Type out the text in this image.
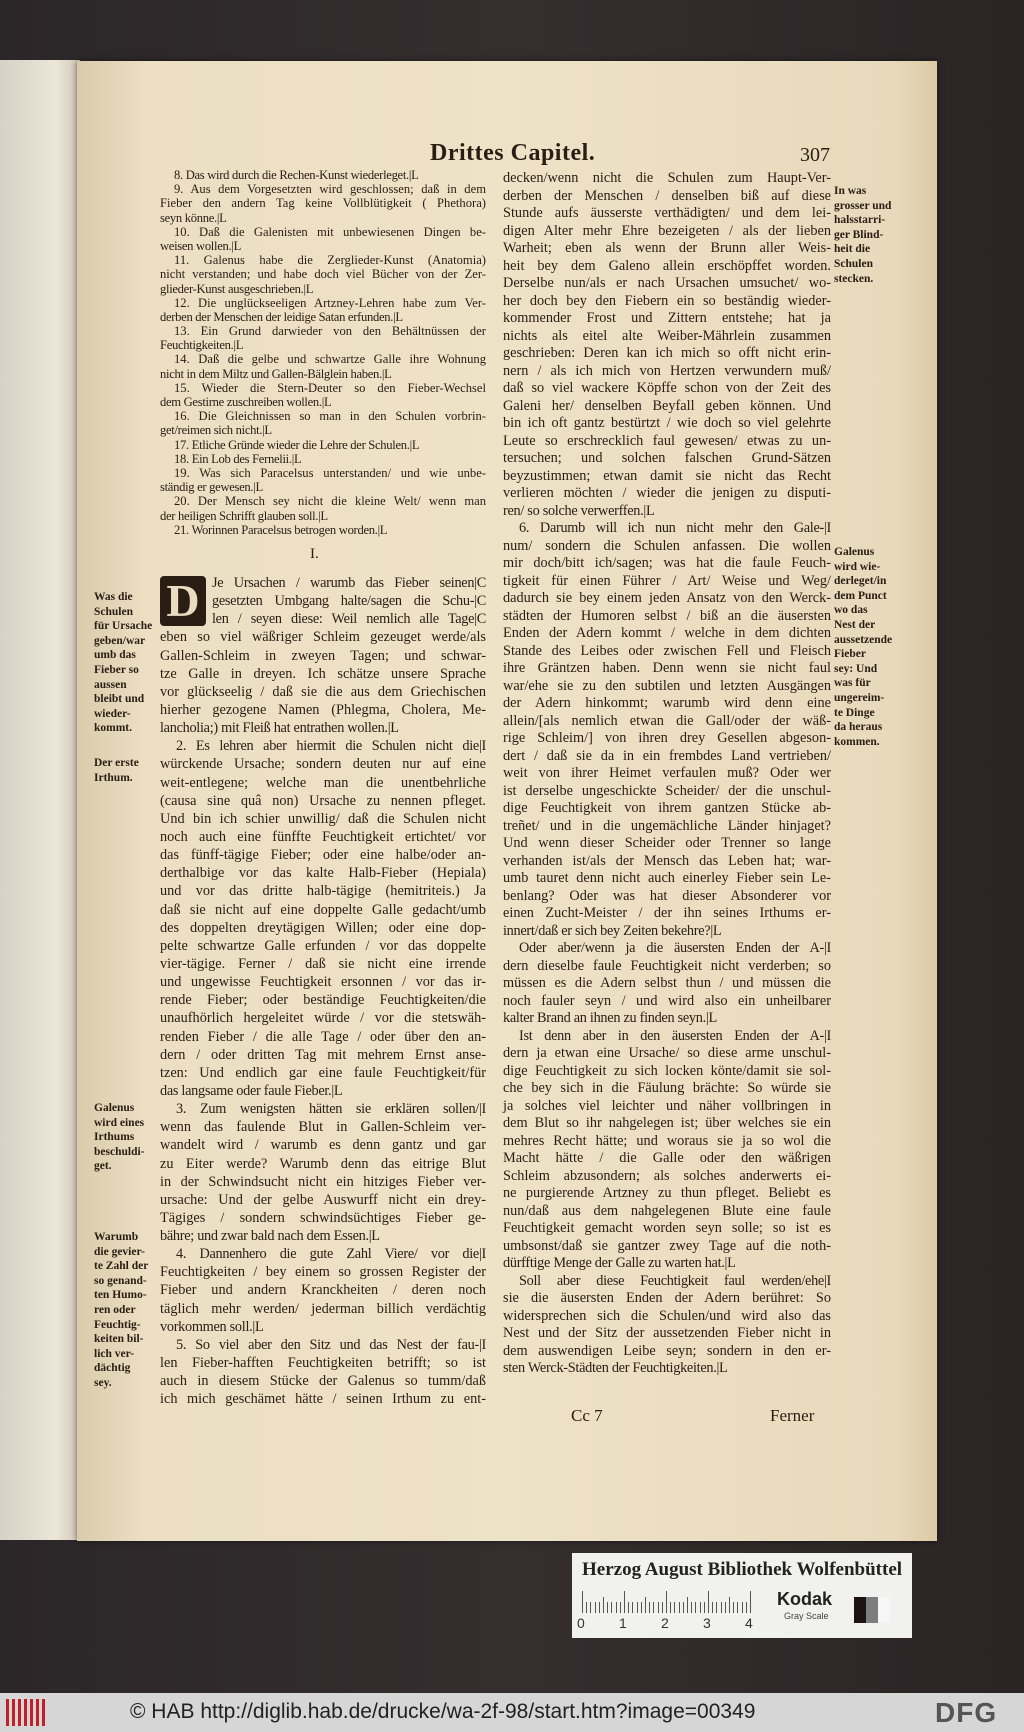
Drittes Capitel.	307
8. Das wird durch die Rechen-Kunst wiederleget.|L
9. Aus dem Vorgesetzten wird geschlossen; daß in dem
Fieber den andern Tag keine Vollblütigkeit ( Phethora)
seyn könne.|L
10. Daß die Galenisten mit unbewiesenen Dingen be-
weisen wollen.|L
11. Galenus habe die Zerglieder-Kunst (Anatomia)
nicht verstanden; und habe doch viel Bücher von der Zer-
glieder-Kunst ausgeschrieben.|L
12. Die unglückseeligen Artzney-Lehren habe zum Ver-
derben der Menschen der leidige Satan erfunden.|L
13. Ein Grund darwieder von den Behältnüssen der
Feuchtigkeiten.|L
14. Daß die gelbe und schwartze Galle ihre Wohnung
nicht in dem Miltz und Gallen-Bälglein haben.|L
15. Wieder die Stern-Deuter so den Fieber-Wechsel
dem Gestirne zuschreiben wollen.|L
16. Die Gleichnissen so man in den Schulen vorbrin-
get/reimen sich nicht.|L
17. Etliche Gründe wieder die Lehre der Schulen.|L
18. Ein Lob des Fernelii.|L
19. Was sich Paracelsus unterstanden/ und wie unbe-
ständig er gewesen.|L
20. Der Mensch sey nicht die kleine Welt/ wenn man
der heiligen Schrifft glauben soll.|L
21. Worinnen Paracelsus betrogen worden.|L
I.
D Je Ursachen / warumb das Fieber seinen|C
gesetzten Umbgang halte/sagen die Schu-|C
len / seyen diese: Weil nemlich alle Tage|C
eben so viel wäßriger Schleim gezeuget werde/als
Gallen-Schleim in zweyen Tagen; und schwar-
tze Galle in dreyen. Ich schätze unsere Sprache
vor glückseelig / daß sie die aus dem Griechischen
hierher gezogene Namen (Phlegma, Cholera, Me-
lancholia;) mit Fleiß hat entrathen wollen.|L
2. Es lehren aber hiermit die Schulen nicht die|I
würckende Ursache; sondern deuten nur auf eine
weit-entlegene; welche man die unentbehrliche
(causa sine quâ non) Ursache zu nennen pfleget.
Und bin ich schier unwillig/ daß die Schulen nicht
noch auch eine fünffte Feuchtigkeit ertichtet/ vor
das fünff-tägige Fieber; oder eine halbe/oder an-
derthalbige vor das kalte Halb-Fieber (Hepiala)
und vor das dritte halb-tägige (hemitriteis.) Ja
daß sie nicht auf eine doppelte Galle gedacht/umb
des doppelten dreytägigen Willen; oder eine dop-
pelte schwartze Galle erfunden / vor das doppelte
vier-tägige. Ferner / daß sie nicht eine irrende
und ungewisse Feuchtigkeit ersonnen / vor das ir-
rende Fieber; oder beständige Feuchtigkeiten/die
unaufhörlich hergeleitet würde / vor die stetswäh-
renden Fieber / die alle Tage / oder über den an-
dern / oder dritten Tag mit mehrem Ernst anse-
tzen: Und endlich gar eine faule Feuchtigkeit/für
das langsame oder faule Fieber.|L
3. Zum wenigsten hätten sie erklären sollen/|I
wenn das faulende Blut in Gallen-Schleim ver-
wandelt wird / warumb es denn gantz und gar
zu Eiter werde? Warumb denn das eitrige Blut
in der Schwindsucht nicht ein hitziges Fieber ver-
ursache: Und der gelbe Auswurff nicht ein drey-
Tägiges / sondern schwindsüchtiges Fieber ge-
bähre; und zwar bald nach dem Essen.|L
4. Dannenhero die gute Zahl Viere/ vor die|I
Feuchtigkeiten / bey einem so grossen Register der
Fieber und andern Kranckheiten / deren noch
täglich mehr werden/ jederman billich verdächtig
vorkommen soll.|L
5. So viel aber den Sitz und das Nest der fau-|I
len Fieber-hafften Feuchtigkeiten betrifft; so ist
auch in diesem Stücke der Galenus so tumm/daß
ich mich geschämet hätte / seinen Irthum zu ent-
decken/wenn nicht die Schulen zum Haupt-Ver-
derben der Menschen / denselben biß auf diese
Stunde aufs äusserste verthädigten/ und dem lei-
digen Alter mehr Ehre bezeigeten / als der lieben
Warheit; eben als wenn der Brunn aller Weis-
heit bey dem Galeno allein erschöpffet worden.
Derselbe nun/als er nach Ursachen umsuchet/ wo-
her doch bey den Fiebern ein so beständig wieder-
kommender Frost und Zittern entstehe; hat ja
nichts als eitel alte Weiber-Mährlein zusammen
geschrieben: Deren kan ich mich so offt nicht erin-
nern / als ich mich von Hertzen verwundern muß/
daß so viel wackere Köpffe schon von der Zeit des
Galeni her/ denselben Beyfall geben können. Und
bin ich oft gantz bestürtzt / wie doch so viel gelehrte
Leute so erschrecklich faul gewesen/ etwas zu un-
tersuchen; und solchen falschen Grund-Sätzen
beyzustimmen; etwan damit sie nicht das Recht
verlieren möchten / wieder die jenigen zu disputi-
ren/ so solche verwerffen.|L
6. Darumb will ich nun nicht mehr den Gale-|I
num/ sondern die Schulen anfassen. Die wollen
mir doch/bitt ich/sagen; was hat die faule Feuch-
tigkeit für einen Führer / Art/ Weise und Weg/
dadurch sie bey einem jeden Ansatz von den Werck-
städten der Humoren selbst / biß an die äusersten
Enden der Adern kommt / welche in dem dichten
Stande des Leibes oder zwischen Fell und Fleisch
ihre Gräntzen haben. Denn wenn sie nicht faul
war/ehe sie zu den subtilen und letzten Ausgängen
der Adern hinkommt; warumb wird denn eine
allein/[als nemlich etwan die Gall/oder der wäß-
rige Schleim/] von ihren drey Gesellen abgeson-
dert / daß sie da in ein frembdes Land vertrieben/
weit von ihrer Heimet verfaulen muß? Oder wer
ist derselbe ungeschickte Scheider/ der die unschul-
dige Feuchtigkeit von ihrem gantzen Stücke ab-
treñet/ und in die ungemächliche Länder hinjaget?
Und wenn dieser Scheider oder Trenner so lange
verhanden ist/als der Mensch das Leben hat; war-
umb tauret denn nicht auch einerley Fieber sein Le-
benlang? Oder was hat dieser Absonderer vor
einen Zucht-Meister / der ihn seines Irthums er-
innert/daß er sich bey Zeiten bekehre?|L
Oder aber/wenn ja die äusersten Enden der A-|I
dern dieselbe faule Feuchtigkeit nicht verderben; so
müssen es die Adern selbst thun / und müssen die
noch fauler seyn / und wird also ein unheilbarer
kalter Brand an ihnen zu finden seyn.|L
Ist denn aber in den äusersten Enden der A-|I
dern ja etwan eine Ursache/ so diese arme unschul-
dige Feuchtigkeit zu sich locken könte/damit sie sol-
che bey sich in die Fäulung brächte: So würde sie
ja solches viel leichter und näher vollbringen in
dem Blut so ihr nahgelegen ist; über welches sie ein
mehres Recht hätte; und woraus sie ja so wol die
Macht hätte / die Galle oder den wäßrigen
Schleim abzusondern; als solches anderwerts ei-
ne purgierende Artzney zu thun pfleget. Beliebt es
nun/daß aus dem nahgelegenen Blute eine faule
Feuchtigkeit gemacht worden seyn solle; so ist es
umbsonst/daß sie gantzer zwey Tage auf die noth-
dürfftige Menge der Galle zu warten hat.|L
Soll aber diese Feuchtigkeit faul werden/ehe|I
sie die äusersten Enden der Adern berühret: So
widersprechen sich die Schulen/und wird also das
Nest und der Sitz der aussetzenden Fieber nicht in
dem auswendigen Leibe seyn; sondern in den er-
sten Werck-Städten der Feuchtigkeiten.|L
In was
grosser und
halsstarri-
ger Blind-
heit die
Schulen
stecken.
Galenus
wird wie-
derleget/in
dem Punct
wo das
Nest der
aussetzende
Fieber
sey: Und
was für
ungereim-
te Dinge
da heraus
kommen.
Was die
Schulen
für Ursache
geben/war
umb das
Fieber so
aussen
bleibt und
wieder-
kommt.
Der erste
Irthum.
Galenus
wird eines
Irthums
beschuldi-
get.
Warumb
die gevier-
te Zahl der
so genand-
ten Humo-
ren oder
Feuchtig-
keiten bil-
lich ver-
dächtig
sey.
Cc 7	Ferner
Herzog August Bibliothek Wolfenbüttel
0 1 2 3 4
Kodak
Gray Scale
© HAB http://diglib.hab.de/drucke/wa-2f-98/start.htm?image=00349	DFG
